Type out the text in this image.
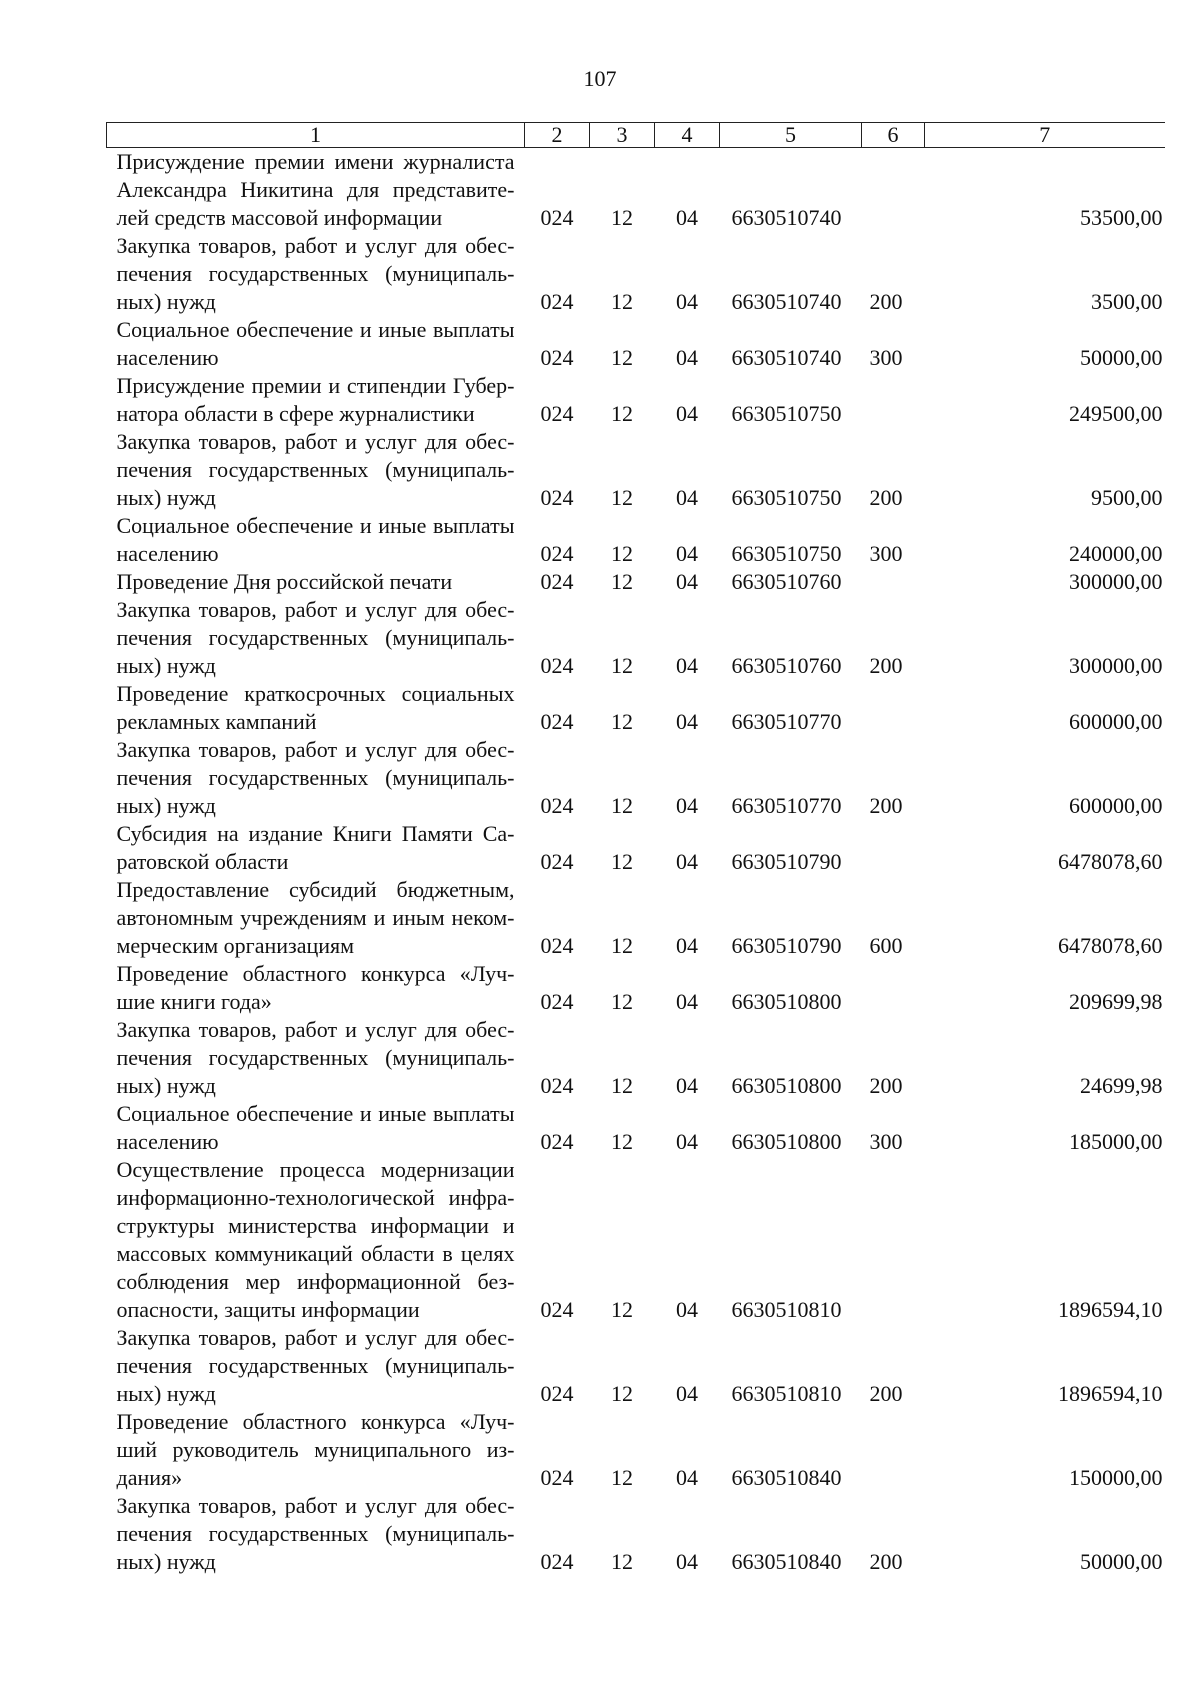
107
1	2	3	4	5	6	7
Присуждение премии имени журналиста Александра Никитина для представите-лей средств массовой информации	024	12	04	6630510740		53500,00
Закупка товаров, работ и услуг для обес-печения государственных (муниципаль-ных) нужд	024	12	04	6630510740	200	3500,00
Социальное обеспечение и иные выплаты населению	024	12	04	6630510740	300	50000,00
Присуждение премии и стипендии Губер-натора области в сфере журналистики	024	12	04	6630510750		249500,00
Закупка товаров, работ и услуг для обес-печения государственных (муниципаль-ных) нужд	024	12	04	6630510750	200	9500,00
Социальное обеспечение и иные выплаты населению	024	12	04	6630510750	300	240000,00
Проведение Дня российской печати	024	12	04	6630510760		300000,00
Закупка товаров, работ и услуг для обес-печения государственных (муниципаль-ных) нужд	024	12	04	6630510760	200	300000,00
Проведение краткосрочных социальных рекламных кампаний	024	12	04	6630510770		600000,00
Закупка товаров, работ и услуг для обес-печения государственных (муниципаль-ных) нужд	024	12	04	6630510770	200	600000,00
Субсидия на издание Книги Памяти Са-ратовской области	024	12	04	6630510790		6478078,60
Предоставление субсидий бюджетным, автономным учреждениям и иным неком-мерческим организациям	024	12	04	6630510790	600	6478078,60
Проведение областного конкурса «Луч-шие книги года»	024	12	04	6630510800		209699,98
Закупка товаров, работ и услуг для обес-печения государственных (муниципаль-ных) нужд	024	12	04	6630510800	200	24699,98
Социальное обеспечение и иные выплаты населению	024	12	04	6630510800	300	185000,00
Осуществление процесса модернизации информационно-технологической инфра-структуры министерства информации и массовых коммуникаций области в целях соблюдения мер информационной без-опасности, защиты информации	024	12	04	6630510810		1896594,10
Закупка товаров, работ и услуг для обес-печения государственных (муниципаль-ных) нужд	024	12	04	6630510810	200	1896594,10
Проведение областного конкурса «Луч-ший руководитель муниципального из-дания»	024	12	04	6630510840		150000,00
Закупка товаров, работ и услуг для обес-печения государственных (муниципаль-ных) нужд	024	12	04	6630510840	200	50000,00
